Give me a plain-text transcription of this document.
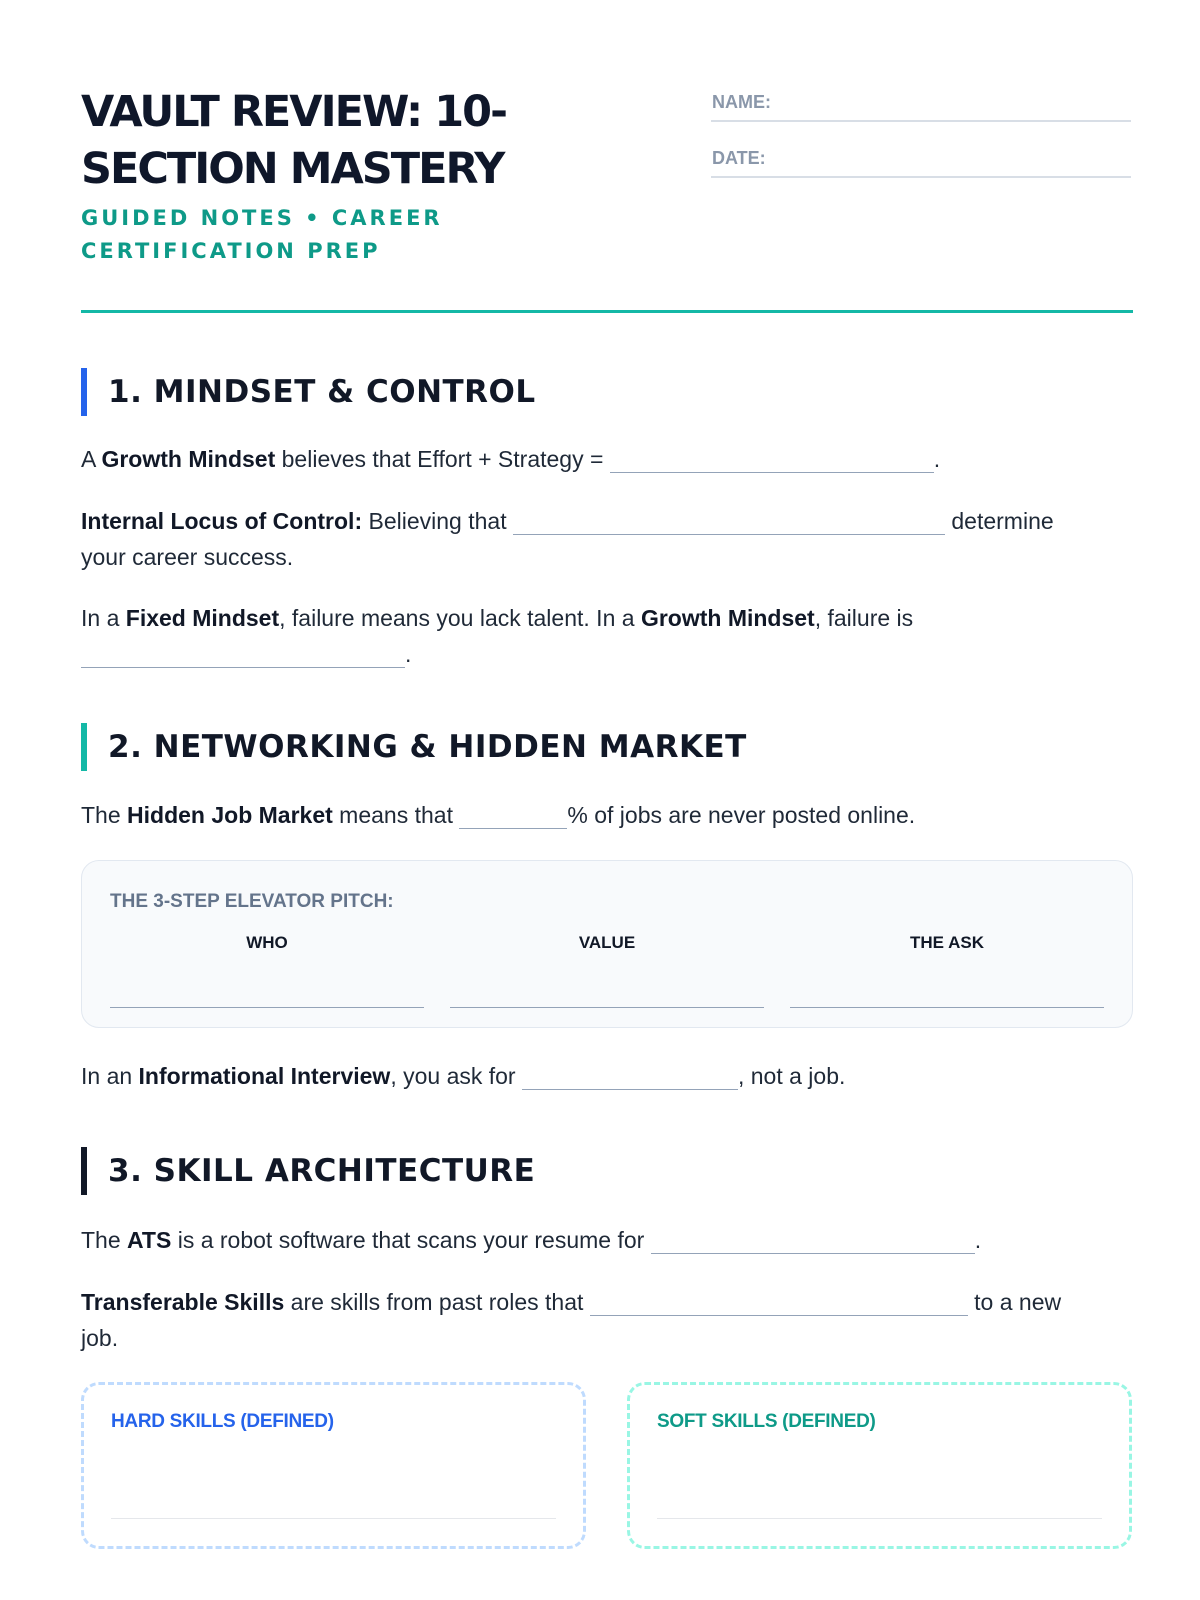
VAULT REVIEW: 10-SECTION MASTERY
GUIDED NOTES • CAREER CERTIFICATION PREP
NAME:
DATE:
1. MINDSET & CONTROL
A Growth Mindset believes that Effort + Strategy =	.
Internal Locus of Control: Believing that	determine
your career success.
In a Fixed Mindset, failure means you lack talent. In a Growth Mindset, failure is
.
2. NETWORKING & HIDDEN MARKET
The Hidden Job Market means that	% of jobs are never posted online.
THE 3-STEP ELEVATOR PITCH:
WHO	VALUE	THE ASK
In an Informational Interview, you ask for	, not a job.
3. SKILL ARCHITECTURE
The ATS is a robot software that scans your resume for	.
Transferable Skills are skills from past roles that	to a new
job.
HARD SKILLS (DEFINED)	SOFT SKILLS (DEFINED)
